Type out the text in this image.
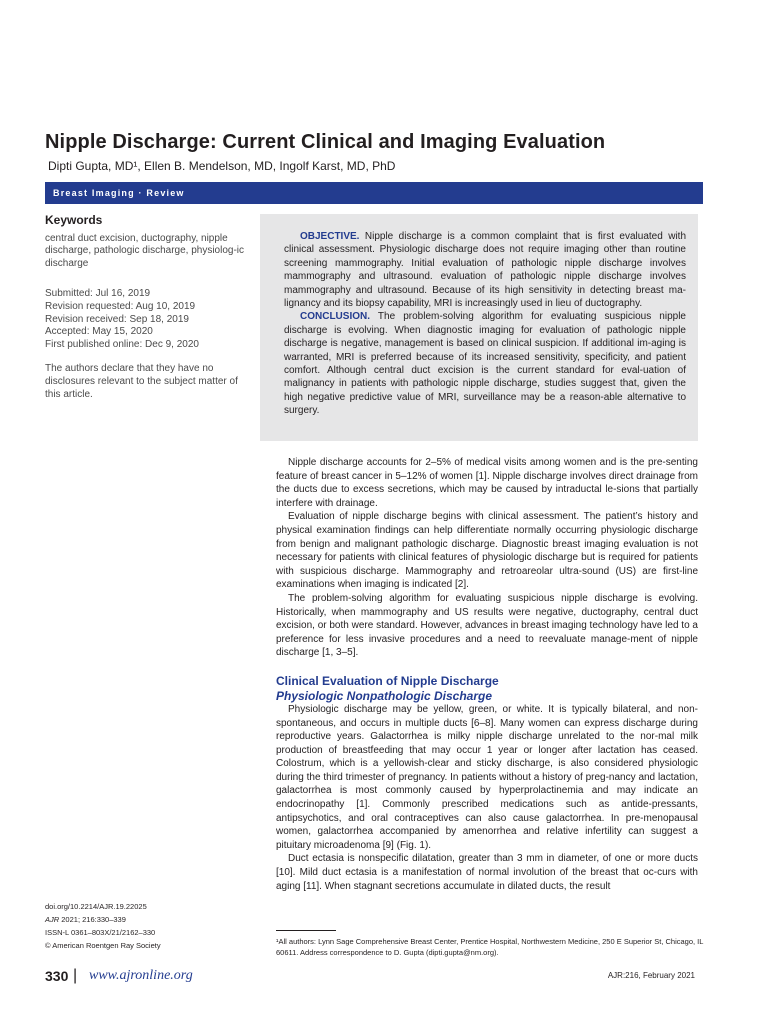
Nipple Discharge: Current Clinical and Imaging Evaluation

Dipti Gupta, MD¹, Ellen B. Mendelson, MD, Ingolf Karst, MD, PhD

Breast Imaging · Review
Keywords

central duct excision, ductography, nipple discharge, pathologic discharge, physiolog-ic discharge

Submitted: Jul 16, 2019
Revision requested: Aug 10, 2019
Revision received: Sep 18, 2019
Accepted: May 15, 2020
First published online: Dec 9, 2020

The authors declare that they have no disclosures relevant to the subject matter of this article.

OBJECTIVE. Nipple discharge is a common complaint that is first evaluated with clinical assessment. Physiologic discharge does not require imaging other than routine screening mammography. Initial evaluation of pathologic nipple discharge involves mammography and ultrasound. evaluation of pathologic nipple discharge involves mammography and ultrasound. Because of its high sensitivity in detecting breast ma-lignancy and its biopsy capability, MRI is increasingly used in lieu of ductography.

CONCLUSION. The problem-solving algorithm for evaluating suspicious nipple discharge is evolving. When diagnostic imaging for evaluation of pathologic nipple discharge is negative, management is based on clinical suspicion. If additional im-aging is warranted, MRI is preferred because of its increased sensitivity, specificity, and patient comfort. Although central duct excision is the current standard for eval-uation of malignancy in patients with pathologic nipple discharge, studies suggest that, given the high negative predictive value of MRI, surveillance may be a reason-able alternative to surgery.

Nipple discharge accounts for 2–5% of medical visits among women and is the pre-senting feature of breast cancer in 5–12% of women [1]. Nipple discharge involves direct drainage from the ducts due to excess secretions, which may be caused by intraductal le-sions that partially interfere with drainage.

Evaluation of nipple discharge begins with clinical assessment. The patient’s history and physical examination findings can help differentiate normally occurring physiologic discharge from benign and malignant pathologic discharge. Diagnostic breast imaging evaluation is not necessary for patients with clinical features of physiologic discharge but is required for patients with suspicious discharge. Mammography and retroareolar ultra-sound (US) are first-line examinations when imaging is indicated [2].

The problem-solving algorithm for evaluating suspicious nipple discharge is evolving. Historically, when mammography and US results were negative, ductography, central duct excision, or both were standard. However, advances in breast imaging technology have led to a preference for less invasive procedures and a need to reevaluate manage-ment of nipple discharge [1, 3–5].

Clinical Evaluation of Nipple Discharge
Physiologic Nonpathologic Discharge

Physiologic discharge may be yellow, green, or white. It is typically bilateral, and non-spontaneous, and occurs in multiple ducts [6–8]. Many women can express discharge during reproductive years. Galactorrhea is milky nipple discharge unrelated to the nor-mal milk production of breastfeeding that may occur 1 year or longer after lactation has ceased. Colostrum, which is a yellowish-clear and sticky discharge, is also considered physiologic during the third trimester of pregnancy. In patients without a history of preg-nancy and lactation, galactorrhea is most commonly caused by hyperprolactinemia and may indicate an endocrinopathy [1]. Commonly prescribed medications such as antide-pressants, antipsychotics, and oral contraceptives can also cause galactorrhea. In pre-menopausal women, galactorrhea accompanied by amenorrhea and relative infertility can suggest a pituitary microadenoma [9] (Fig. 1).

Duct ectasia is nonspecific dilatation, greater than 3 mm in diameter, of one or more ducts [10]. Mild duct ectasia is a manifestation of normal involution of the breast that oc-curs with aging [11]. When stagnant secretions accumulate in dilated ducts, the result

¹All authors: Lynn Sage Comprehensive Breast Center, Prentice Hospital, Northwestern Medicine, 250 E Superior St, Chicago, IL 60611. Address correspondence to D. Gupta (dipti.gupta@nm.org).
doi.org/10.2214/AJR.19.22025
AJR 2021; 216:330–339
ISSN-L 0361–803X/21/2162–330
© American Roentgen Ray Society
330 | www.ajronline.org	AJR:216, February 2021
